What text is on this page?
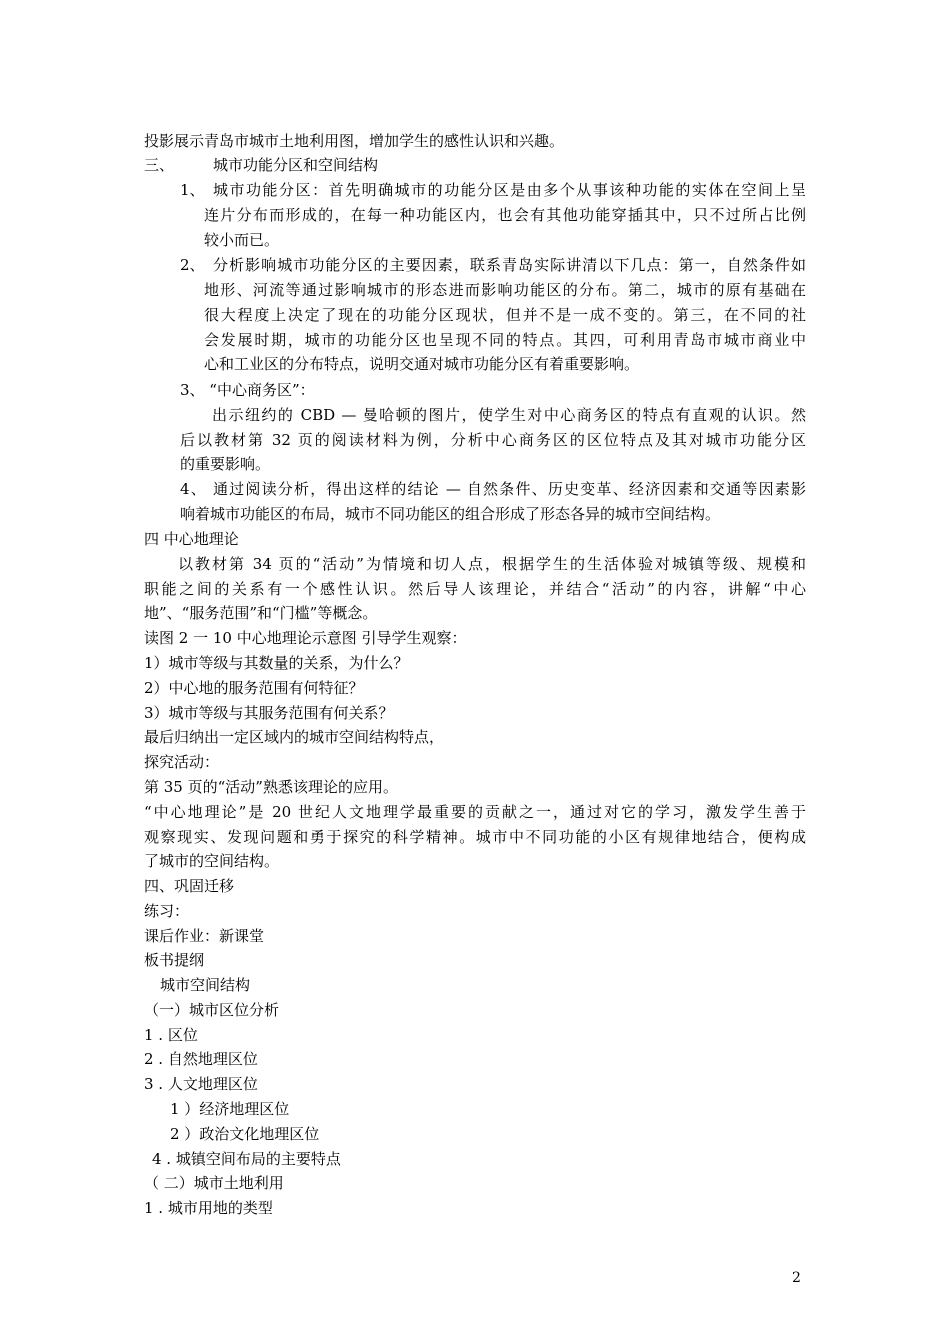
投影展示青岛市城市土地利用图，增加学生的感性认识和兴趣。
三、	城市功能分区和空间结构
1、 城市功能分区：首先明确城市的功能分区是由多个从事该种功能的实体在空间上呈
连片分布而形成的，在每一种功能区内，也会有其他功能穿插其中，只不过所占比例
较小而已。
2、 分析影响城市功能分区的主要因素，联系青岛实际讲清以下几点：第一，自然条件如
地形、河流等通过影响城市的形态进而影响功能区的分布。第二，城市的原有基础在
很大程度上决定了现在的功能分区现状，但并不是一成不变的。第三，在不同的社
会发展时期，城市的功能分区也呈现不同的特点。其四，可利用青岛市城市商业中
心和工业区的分布特点，说明交通对城市功能分区有着重要影响。
3、 “中心商务区”：
出示纽约的 CBD — 曼哈顿的图片，使学生对中心商务区的特点有直观的认识。然
后以教材第 32 页的阅读材料为例，分析中心商务区的区位特点及其对城市功能分区
的重要影响。
4、 通过阅读分析，得出这样的结论 — 自然条件、历史变革、经济因素和交通等因素影
响着城市功能区的布局，城市不同功能区的组合形成了形态各异的城市空间结构。
四 中心地理论
以教材第 34 页的“活动”为情境和切人点，根据学生的生活体验对城镇等级、规模和
职能之间的关系有一个感性认识。然后导人该理论，并结合“活动”的内容，讲解“中心
地”、“服务范围”和“门槛”等概念。
读图 2 一 10 中心地理论示意图 引导学生观察：
1）城市等级与其数量的关系，为什么？
2）中心地的服务范围有何特征？
3）城市等级与其服务范围有何关系？
最后归纳出一定区域内的城市空间结构特点，
探究活动：
第 35 页的“活动”熟悉该理论的应用。
“中心地理论”是 20 世纪人文地理学最重要的贡献之一，通过对它的学习，激发学生善于
观察现实、发现问题和勇于探究的科学精神。城市中不同功能的小区有规律地结合，便构成
了城市的空间结构。
四、巩固迁移
练习：
课后作业：新课堂
板书提纲
城市空间结构
（一）城市区位分析
1 . 区位
2 . 自然地理区位
3 . 人文地理区位
1 ）经济地理区位
2 ）政治文化地理区位
4 . 城镇空间布局的主要特点
（ 二）城市土地利用
1 . 城市用地的类型
2
